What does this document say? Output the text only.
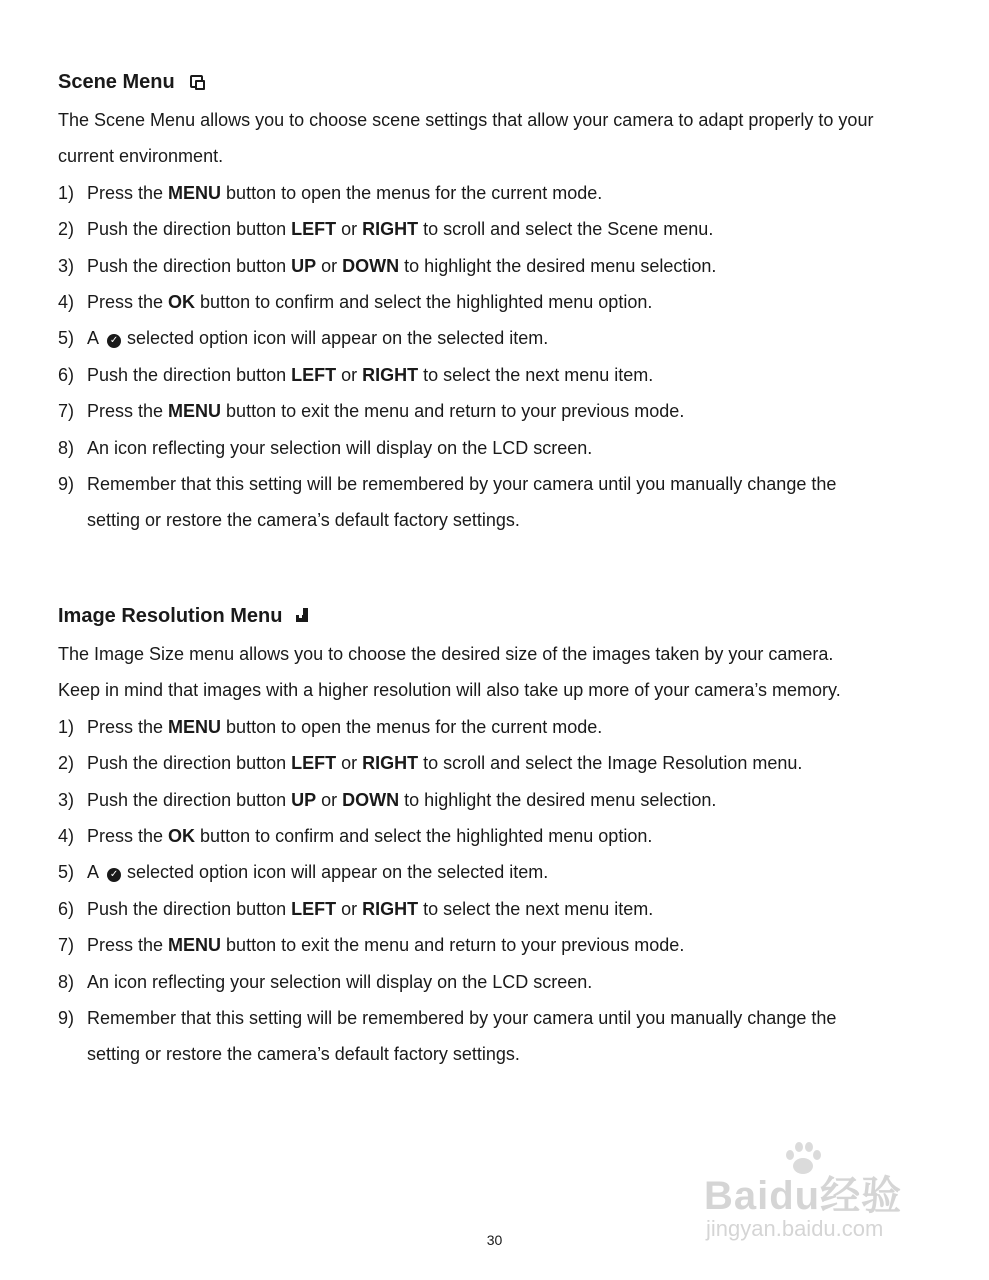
Scene Menu
The Scene Menu allows you to choose scene settings that allow your camera to adapt properly to your
current environment.
1) Press the MENU button to open the menus for the current mode.
2) Push the direction button LEFT or RIGHT to scroll and select the Scene menu.
3) Push the direction button UP or DOWN to highlight the desired menu selection.
4) Press the OK button to confirm and select the highlighted menu option.
5) A ✓ selected option icon will appear on the selected item.
6) Push the direction button LEFT or RIGHT to select the next menu item.
7) Press the MENU button to exit the menu and return to your previous mode.
8) An icon reflecting your selection will display on the LCD screen.
9) Remember that this setting will be remembered by your camera until you manually change the
setting or restore the camera’s default factory settings.
Image Resolution Menu
The Image Size menu allows you to choose the desired size of the images taken by your camera.
Keep in mind that images with a higher resolution will also take up more of your camera’s memory.
1) Press the MENU button to open the menus for the current mode.
2) Push the direction button LEFT or RIGHT to scroll and select the Image Resolution menu.
3) Push the direction button UP or DOWN to highlight the desired menu selection.
4) Press the OK button to confirm and select the highlighted menu option.
5) A ✓ selected option icon will appear on the selected item.
6) Push the direction button LEFT or RIGHT to select the next menu item.
7) Press the MENU button to exit the menu and return to your previous mode.
8) An icon reflecting your selection will display on the LCD screen.
9) Remember that this setting will be remembered by your camera until you manually change the
setting or restore the camera’s default factory settings.
30
Baidu经验
jingyan.baidu.com
